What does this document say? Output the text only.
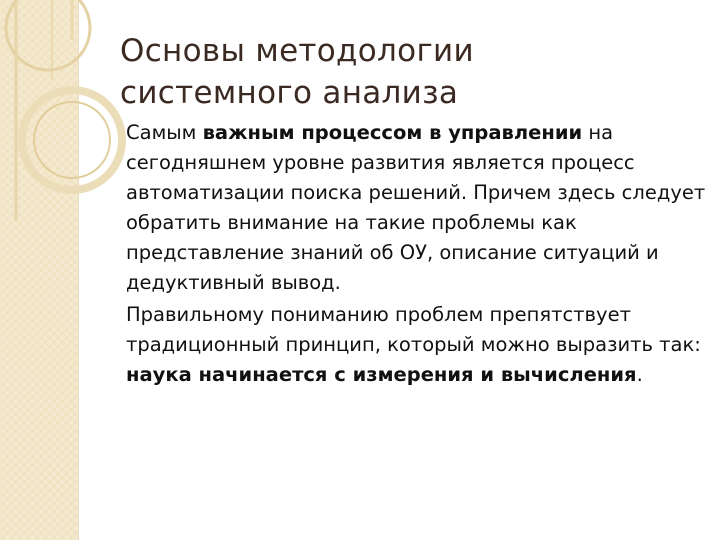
Основы методологии
системного анализа

Самым важным процессом в управлении на сегодняшнем уровне развития является процесс автоматизации поиска решений. Причем здесь следует обратить внимание на такие проблемы как представление знаний об ОУ, описание ситуаций и дедуктивный вывод.

Правильному пониманию проблем препятствует традиционный принцип, который можно выразить так: наука начинается с измерения и вычисления.
